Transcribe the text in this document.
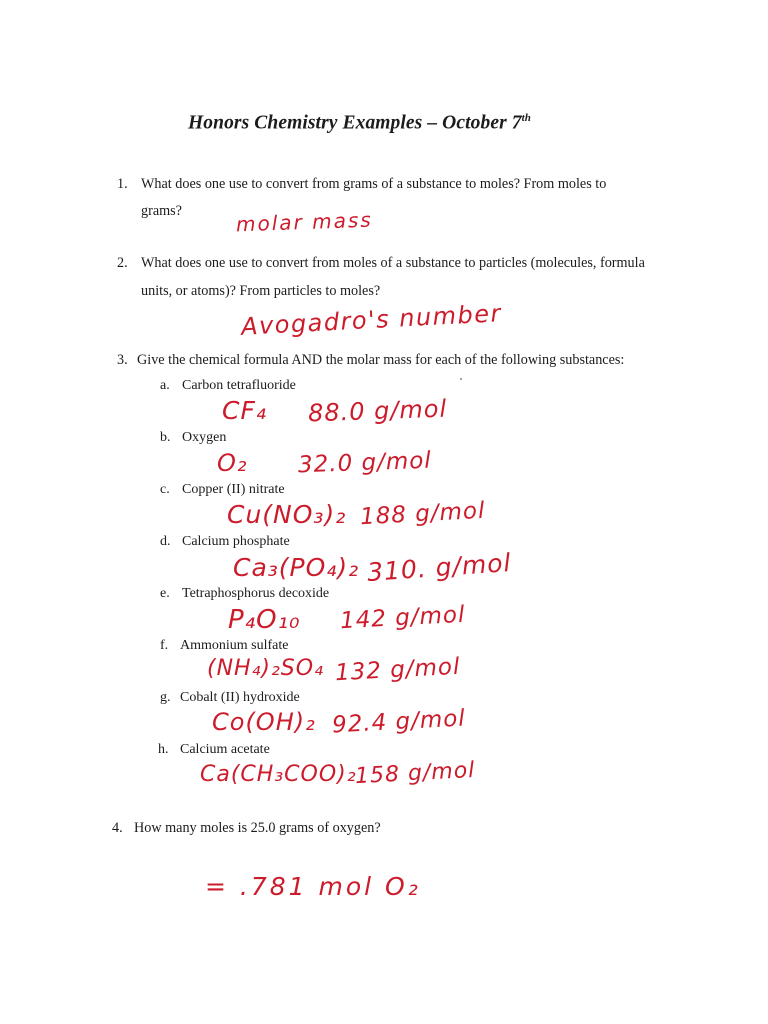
Honors Chemistry Examples – October 7th
1. What does one use to convert from grams of a substance to moles? From moles to
grams?	molar mass
2. What does one use to convert from moles of a substance to particles (molecules, formula
units, or atoms)? From particles to moles?
Avogadro's number
3. Give the chemical formula AND the molar mass for each of the following substances:
a. Carbon tetrafluoride
CF₄ 88.0 g/mol
b. Oxygen
O₂ 32.0 g/mol
c. Copper (II) nitrate
Cu(NO₃)₂ 188 g/mol
d. Calcium phosphate
Ca₃(PO₄)₂ 310. g/mol
e. Tetraphosphorus decoxide
P₄O₁₀ 142 g/mol
f. Ammonium sulfate
(NH₄)₂SO₄ 132 g/mol
g. Cobalt (II) hydroxide
Co(OH)₂ 92.4 g/mol
h. Calcium acetate
Ca(CH₃COO)₂
158 g/mol
4. How many moles is 25.0 grams of oxygen?
= .781 mol O₂
